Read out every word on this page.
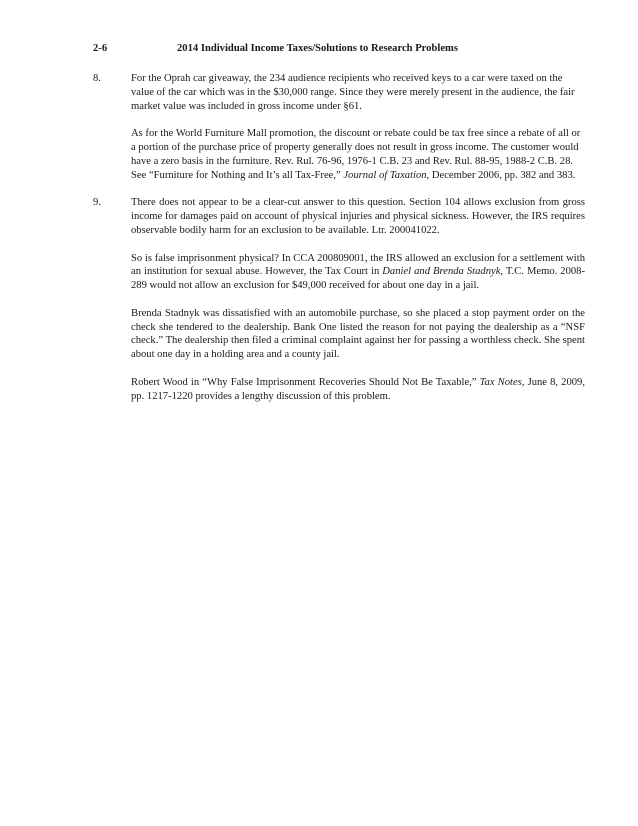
2-6	2014 Individual Income Taxes/Solutions to Research Problems
8.	For the Oprah car giveaway, the 234 audience recipients who received keys to a car were taxed on the value of the car which was in the $30,000 range. Since they were merely present in the audience, the fair market value was included in gross income under §61.

As for the World Furniture Mall promotion, the discount or rebate could be tax free since a rebate of all or a portion of the purchase price of property generally does not result in gross income. The customer would have a zero basis in the furniture. Rev. Rul. 76-96, 1976-1 C.B. 23 and Rev. Rul. 88-95, 1988-2 C.B. 28. See “Furniture for Nothing and It’s all Tax-Free,” Journal of Taxation, December 2006, pp. 382 and 383.

9.	There does not appear to be a clear-cut answer to this question. Section 104 allows exclusion from gross income for damages paid on account of physical injuries and physical sickness. However, the IRS requires observable bodily harm for an exclusion to be available. Ltr. 200041022.

So is false imprisonment physical? In CCA 200809001, the IRS allowed an exclusion for a settlement with an institution for sexual abuse. However, the Tax Court in Daniel and Brenda Stadnyk, T.C. Memo. 2008-289 would not allow an exclusion for $49,000 received for about one day in a jail.

Brenda Stadnyk was dissatisfied with an automobile purchase, so she placed a stop payment order on the check she tendered to the dealership. Bank One listed the reason for not paying the dealership as a “NSF check.” The dealership then filed a criminal complaint against her for passing a worthless check. She spent about one day in a holding area and a county jail.

Robert Wood in “Why False Imprisonment Recoveries Should Not Be Taxable,” Tax Notes, June 8, 2009, pp. 1217-1220 provides a lengthy discussion of this problem.
